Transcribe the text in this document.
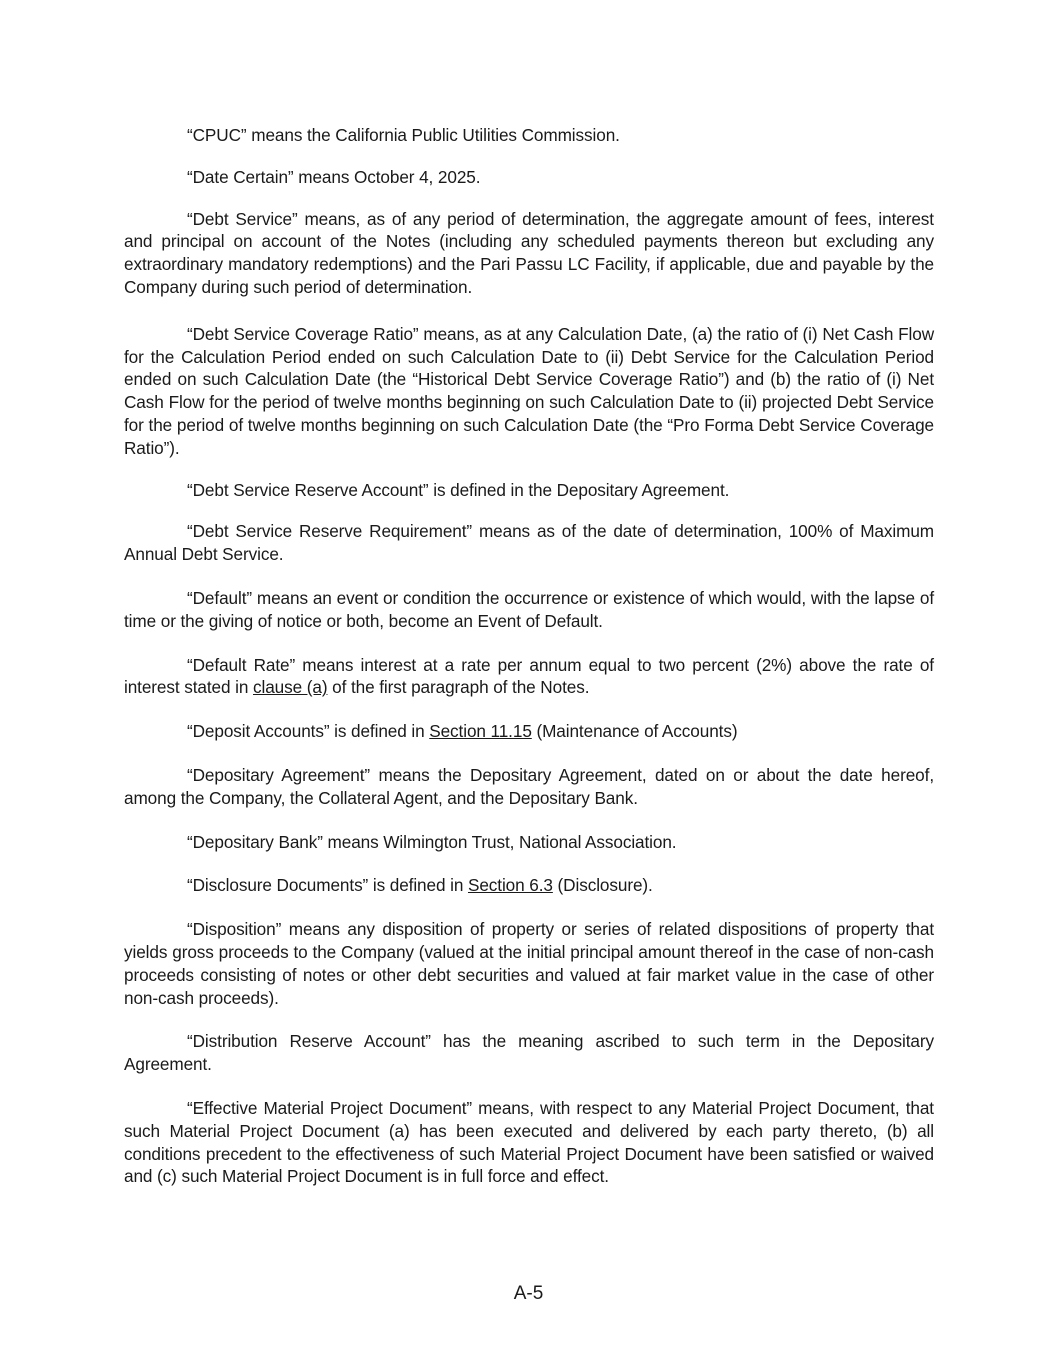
“CPUC” means the California Public Utilities Commission.

“Date Certain” means October 4, 2025.

“Debt Service” means, as of any period of determination, the aggregate amount of fees, interest and principal on account of the Notes (including any scheduled payments thereon but excluding any extraordinary mandatory redemptions) and the Pari Passu LC Facility, if applicable, due and payable by the Company during such period of determination.

“Debt Service Coverage Ratio” means, as at any Calculation Date, (a) the ratio of (i) Net Cash Flow for the Calculation Period ended on such Calculation Date to (ii) Debt Service for the Calculation Period ended on such Calculation Date (the “Historical Debt Service Coverage Ratio”) and (b) the ratio of (i) Net Cash Flow for the period of twelve months beginning on such Calculation Date to (ii) projected Debt Service for the period of twelve months beginning on such Calculation Date (the “Pro Forma Debt Service Coverage Ratio”).

“Debt Service Reserve Account” is defined in the Depositary Agreement.

“Debt Service Reserve Requirement” means as of the date of determination, 100% of Maximum Annual Debt Service.

“Default” means an event or condition the occurrence or existence of which would, with the lapse of time or the giving of notice or both, become an Event of Default.

“Default Rate” means interest at a rate per annum equal to two percent (2%) above the rate of interest stated in clause (a) of the first paragraph of the Notes.

“Deposit Accounts” is defined in Section 11.15 (Maintenance of Accounts)

“Depositary Agreement” means the Depositary Agreement, dated on or about the date hereof, among the Company, the Collateral Agent, and the Depositary Bank.

“Depositary Bank” means Wilmington Trust, National Association.

“Disclosure Documents” is defined in Section 6.3 (Disclosure).

“Disposition” means any disposition of property or series of related dispositions of property that yields gross proceeds to the Company (valued at the initial principal amount thereof in the case of non-cash proceeds consisting of notes or other debt securities and valued at fair market value in the case of other non-cash proceeds).

“Distribution Reserve Account” has the meaning ascribed to such term in the Depositary Agreement.

“Effective Material Project Document” means, with respect to any Material Project Document, that such Material Project Document (a) has been executed and delivered by each party thereto, (b) all conditions precedent to the effectiveness of such Material Project Document have been satisfied or waived and (c) such Material Project Document is in full force and effect.

A-5
